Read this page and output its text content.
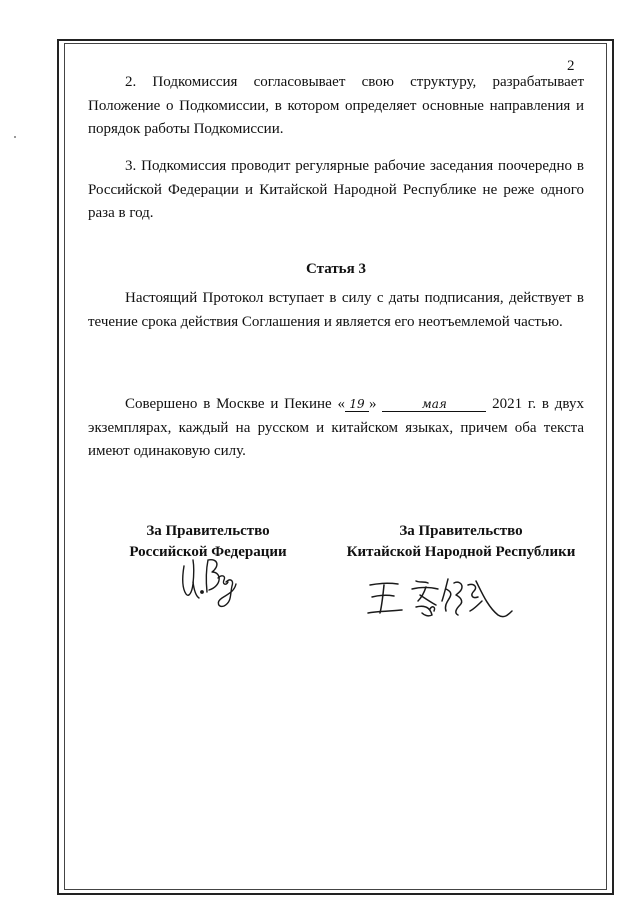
2

2. Подкомиссия согласовывает свою структуру, разрабатывает Положение о Подкомиссии, в котором определяет основные направления и порядок работы Подкомиссии.

3. Подкомиссия проводит регулярные рабочие заседания поочередно в Российской Федерации и Китайской Народной Республике не реже одного раза в год.

Статья 3

Настоящий Протокол вступает в силу с даты подписания, действует в течение срока действия Соглашения и является его неотъемлемой частью.

Совершено в Москве и Пекине « 19 »	мая	2021 г. в двух экземплярах, каждый на русском и китайском языках, причем оба текста имеют одинаковую силу.

За Правительство
Российской Федерации
За Правительство
Китайской Народной Республики
